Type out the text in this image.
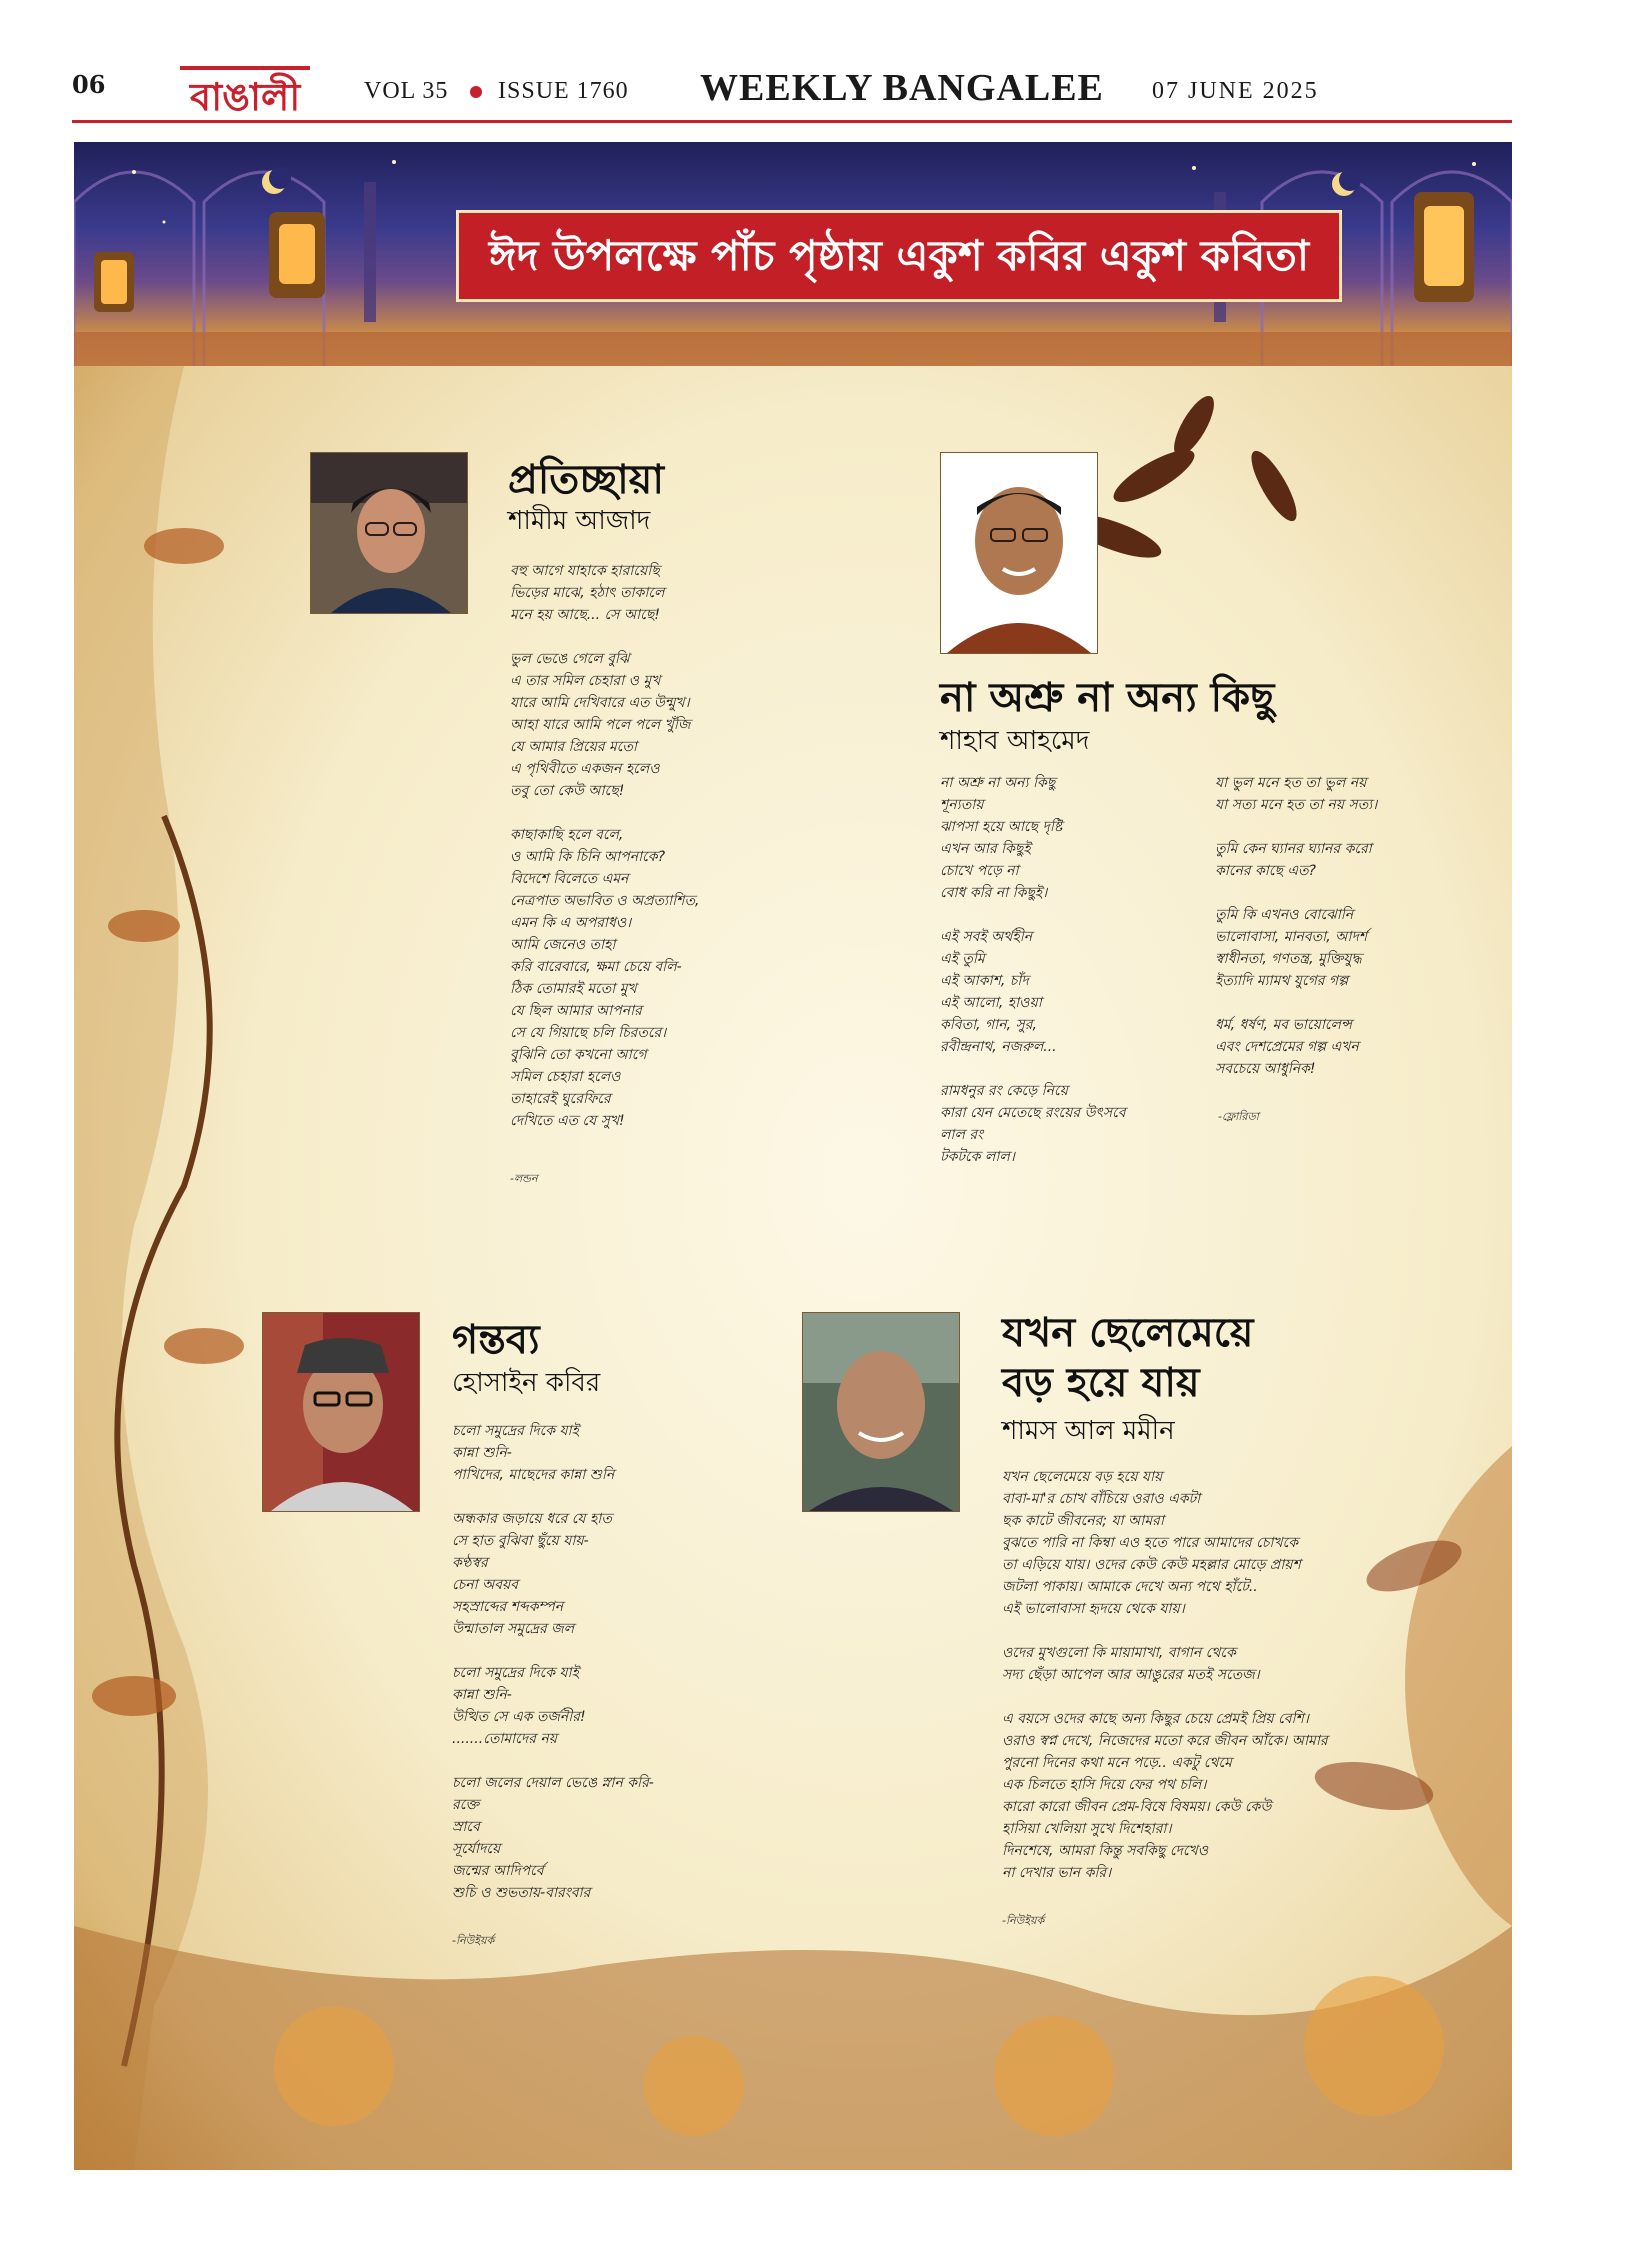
06 বাঙালী	VOL 35 ISSUE 1760 WEEKLY BANGALEE 07 JUNE 2025
ঈদ উপলক্ষে পাঁচ পৃষ্ঠায় একুশ কবির একুশ কবিতা
প্রতিচ্ছায়া
শামীম আজাদ
বহু আগে যাহাকে হারায়েছি
ভিড়ের মাঝে, হঠাৎ তাকালে
মনে হয় আছে... সে আছে!
ভুল ভেঙে গেলে বুঝি
এ তার সমিল চেহারা ও মুখ
যারে আমি দেখিবারে এত উন্মুখ।
আহা যারে আমি পলে পলে খুঁজি
যে আমার প্রিয়ের মতো
এ পৃথিবীতে একজন হলেও
তবু তো কেউ আছে!
কাছাকাছি হলে বলে,
ও আমি কি চিনি আপনাকে?
বিদেশে বিলেতে এমন
নেত্রপাত অভাবিত ও অপ্রত্যাশিত,
এমন কি এ অপরাধও।
আমি জেনেও তাহা
করি বারেবারে, ক্ষমা চেয়ে বলি-
ঠিক তোমারই মতো মুখ
যে ছিল আমার আপনার
সে যে গিয়াছে চলি চিরতরে।
বুঝিনি তো কখনো আগে
সমিল চেহারা হলেও
তাহারেই ঘুরেফিরে
দেখিতে এত যে সুখ!
-লন্ডন
না অশ্রু না অন্য কিছু
শাহাব আহমেদ
না অশ্রু না অন্য কিছু
শূন্যতায়
ঝাপসা হয়ে আছে দৃষ্টি
এখন আর কিছুই
চোখে পড়ে না
বোধ করি না কিছুই।
এই সবই অর্থহীন
এই তুমি
এই আকাশ, চাঁদ
এই আলো, হাওয়া
কবিতা, গান, সুর,
রবীন্দ্রনাথ, নজরুল...
রামধনুর রং কেড়ে নিয়ে
কারা যেন মেতেছে রংয়ের উৎসবে
লাল রং
টকটকে লাল।
যা ভুল মনে হত তা ভুল নয়
যা সত্য মনে হত তা নয় সত্য।
তুমি কেন ঘ্যানর ঘ্যানর করো
কানের কাছে এত?
তুমি কি এখনও বোঝোনি
ভালোবাসা, মানবতা, আদর্শ
স্বাধীনতা, গণতন্ত্র, মুক্তিযুদ্ধ
ইত্যাদি ম্যামথ যুগের গল্প
ধর্ম, ধর্ষণ, মব ভায়োলেন্স
এবং দেশপ্রেমের গল্প এখন
সবচেয়ে আধুনিক!
-ফ্লোরিডা
গন্তব্য
হোসাইন কবির
চলো সমুদ্রের দিকে যাই
কান্না শুনি-
পাখিদের, মাছেদের কান্না শুনি
অন্ধকার জড়ায়ে ধরে যে হাত
সে হাত বুঝিবা ছুঁয়ে যায়-
কণ্ঠস্বর
চেনা অবয়ব
সহস্রাব্দের শব্দকম্পন
উন্মাতাল সমুদ্রের জল
চলো সমুদ্রের দিকে যাই
কান্না শুনি-
উত্থিত সে এক তর্জনীর!
.......তোমাদের নয়
চলো জলের দেয়াল ভেঙে স্নান করি-
রক্তে
স্রাবে
সূর্যোদয়ে
জন্মের আদিপর্বে
শুচি ও শুভতায়-বারংবার
-নিউইয়র্ক
যখন ছেলেমেয়ে
বড় হয়ে যায়
শামস আল মমীন
যখন ছেলেমেয়ে বড় হয়ে যায়
বাবা-মা'র চোখ বাঁচিয়ে ওরাও একটা
ছক কাটে জীবনের; যা আমরা
বুঝতে পারি না কিম্বা এও হতে পারে আমাদের চোখকে
তা এড়িয়ে যায়। ওদের কেউ কেউ মহল্লার মোড়ে প্রায়শ
জটলা পাকায়। আমাকে দেখে অন্য পথে হাঁটে..
এই ভালোবাসা হৃদয়ে থেকে যায়।
ওদের মুখগুলো কি মায়ামাখা, বাগান থেকে
সদ্য ছেঁড়া আপেল আর আঙুরের মতই সতেজ।
এ বয়সে ওদের কাছে অন্য কিছুর চেয়ে প্রেমই প্রিয় বেশি।
ওরাও স্বপ্ন দেখে, নিজেদের মতো করে জীবন আঁকে। আমার
পুরনো দিনের কথা মনে পড়ে.. একটু থেমে
এক চিলতে হাসি দিয়ে ফের পথ চলি।
কারো কারো জীবন প্রেম-বিষে বিষময়। কেউ কেউ
হাসিয়া খেলিয়া সুখে দিশেহারা।
দিনশেষে, আমরা কিন্তু সবকিছু দেখেও
না দেখার ভান করি।
-নিউইয়র্ক
